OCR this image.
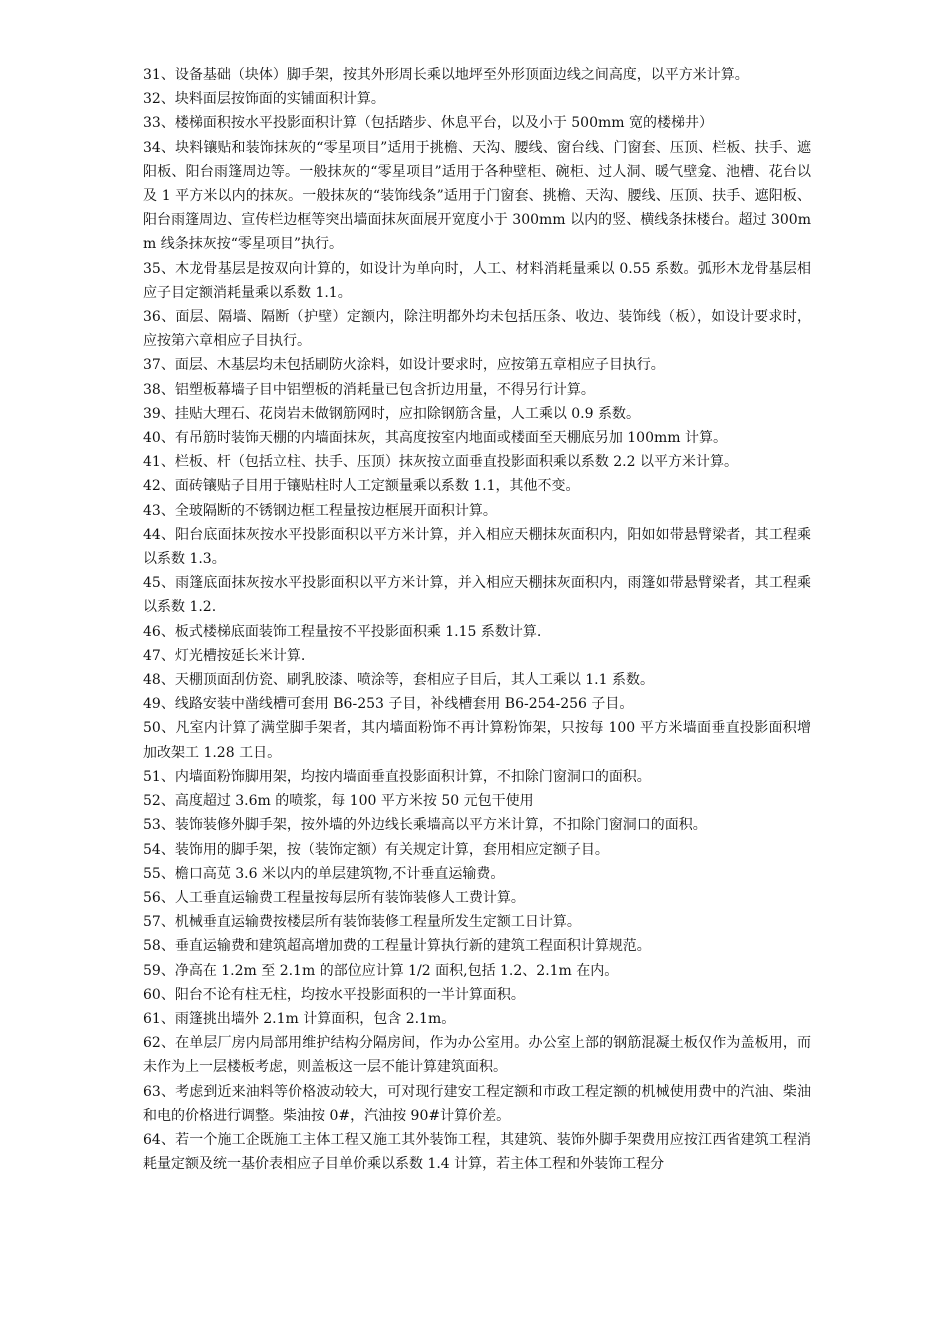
31、设备基础（块体）脚手架，按其外形周长乘以地坪至外形顶面边线之间高度，以平方米计算。

32、块料面层按饰面的实铺面积计算。

33、楼梯面积按水平投影面积计算（包括踏步、休息平台，以及小于 500mm 宽的楼梯井）

34、块料镶贴和装饰抹灰的“零星项目”适用于挑檐、天沟、腰线、窗台线、门窗套、压顶、栏板、扶手、遮阳板、阳台雨篷周边等。一般抹灰的“零星项目”适用于各种壁柜、碗柜、过人洞、暖气壁龛、池槽、花台以及 1 平方米以内的抹灰。一般抹灰的“装饰线条”适用于门窗套、挑檐、天沟、腰线、压顶、扶手、遮阳板、阳台雨篷周边、宣传栏边框等突出墙面抹灰面展开宽度小于 300mm 以内的竖、横线条抹楼台。超过 300mm 线条抹灰按“零星项目”执行。

35、木龙骨基层是按双向计算的，如设计为单向时，人工、材料消耗量乘以 0.55 系数。弧形木龙骨基层相应子目定额消耗量乘以系数 1.1。

36、面层、隔墙、隔断（护壁）定额内，除注明都外均未包括压条、收边、装饰线（板），如设计要求时，应按第六章相应子目执行。

37、面层、木基层均未包括刷防火涂料，如设计要求时，应按第五章相应子目执行。

38、铝塑板幕墙子目中铝塑板的消耗量已包含折边用量，不得另行计算。

39、挂贴大理石、花岗岩未做钢筋网时，应扣除钢筋含量，人工乘以 0.9 系数。

40、有吊筋时装饰天棚的内墙面抹灰，其高度按室内地面或楼面至天棚底另加 100mm 计算。

41、栏板、杆（包括立柱、扶手、压顶）抹灰按立面垂直投影面积乘以系数 2.2 以平方米计算。

42、面砖镶贴子目用于镶贴柱时人工定额量乘以系数 1.1，其他不变。

43、全玻隔断的不锈钢边框工程量按边框展开面积计算。

44、阳台底面抹灰按水平投影面积以平方米计算，并入相应天棚抹灰面积内，阳如如带悬臂梁者，其工程乘以系数 1.3。

45、雨篷底面抹灰按水平投影面积以平方米计算，并入相应天棚抹灰面积内，雨篷如带悬臂梁者，其工程乘以系数 1.2.

46、板式楼梯底面装饰工程量按不平投影面积乘 1.15 系数计算.

47、灯光槽按延长米计算.

48、天棚顶面刮仿瓷、刷乳胶漆、喷涂等，套相应子目后，其人工乘以 1.1 系数。

49、线路安装中凿线槽可套用 B6-253 子目，补线槽套用 B6-254-256 子目。

50、凡室内计算了满堂脚手架者，其内墙面粉饰不再计算粉饰架，只按每 100 平方米墙面垂直投影面积增加改架工 1.28 工日。

51、内墙面粉饰脚用架，均按内墙面垂直投影面积计算，不扣除门窗洞口的面积。

52、高度超过 3.6m 的喷浆，每 100 平方米按 50 元包干使用

53、装饰装修外脚手架，按外墙的外边线长乘墙高以平方米计算，不扣除门窗洞口的面积。

54、装饰用的脚手架，按（装饰定额）有关规定计算，套用相应定额子目。

55、檐口高苋 3.6 米以内的单层建筑物,不计垂直运输费。

56、人工垂直运输费工程量按每层所有装饰装修人工费计算。

57、机械垂直运输费按楼层所有装饰装修工程量所发生定额工日计算。

58、垂直运输费和建筑超高增加费的工程量计算执行新的建筑工程面积计算规范。

59、净高在 1.2m 至 2.1m 的部位应计算 1/2 面积,包括 1.2、2.1m 在内。

60、阳台不论有柱无柱，均按水平投影面积的一半计算面积。

61、雨篷挑出墙外 2.1m 计算面积，包含 2.1m。

62、在单层厂房内局部用维护结构分隔房间，作为办公室用。办公室上部的钢筋混凝土板仅作为盖板用，而未作为上一层楼板考虑，则盖板这一层不能计算建筑面积。

63、考虑到近来油料等价格波动较大，可对现行建安工程定额和市政工程定额的机械使用费中的汽油、柴油和电的价格进行调整。柴油按 0#，汽油按 90#计算价差。

64、若一个施工企既施工主体工程又施工其外装饰工程，其建筑、装饰外脚手架费用应按江西省建筑工程消耗量定额及统一基价表相应子目单价乘以系数 1.4 计算，若主体工程和外装饰工程分
